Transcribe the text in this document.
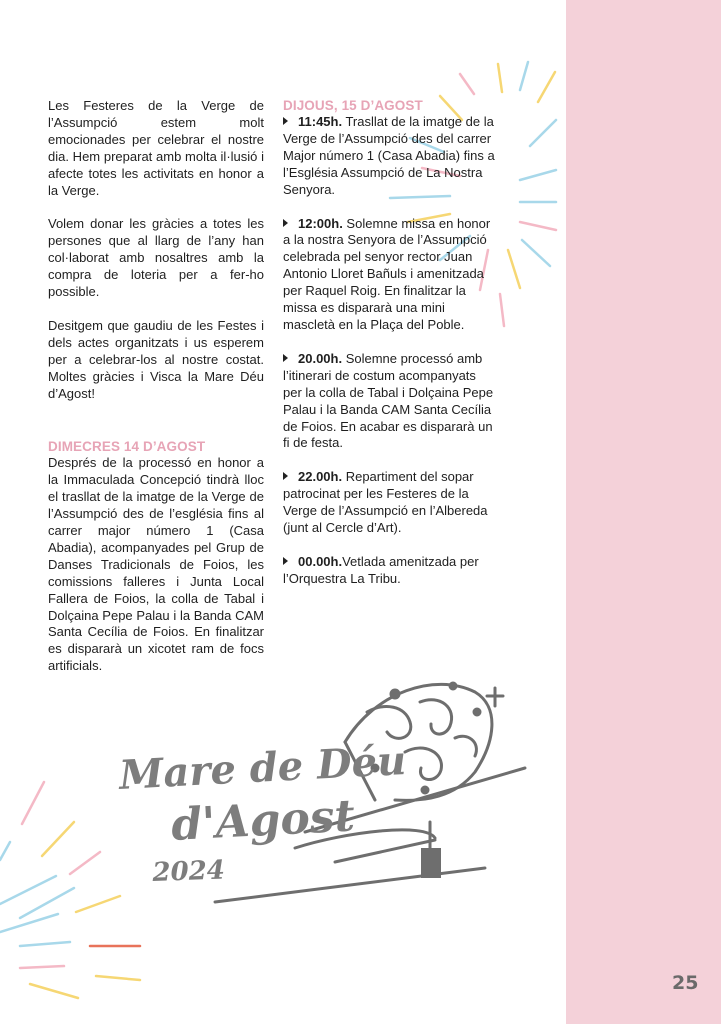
25

Les Festeres de la Verge de l’Assumpció estem molt emocionades per celebrar el nostre dia. Hem preparat amb molta il·lusió i afecte totes les activitats en honor a la Verge.

Volem donar les gràcies a totes les persones que al llarg de l’any han col·laborat amb nosaltres amb la compra de loteria per a fer-ho possible.

Desitgem que gaudiu de les Festes i dels actes organitzats i us esperem per a celebrar-los al nostre costat. Moltes gràcies i Visca la Mare Déu d’Agost!

DIMECRES 14 D’AGOST

Després de la processó en honor a la Immaculada Concepció tindrà lloc el trasllat de la imatge de la Verge de l’Assumpció des de l’església fins al carrer major número 1 (Casa Abadia), acompanyades pel Grup de Danses Tradicionals de Foios, les comissions falleres i Junta Local Fallera de Foios, la colla de Tabal i Dolçaina Pepe Palau i la Banda CAM Santa Cecília de Foios. En finalitzar es dispararà un xicotet ram de focs artificials.

DIJOUS, 15 D’AGOST
11:45h. Trasllat de la imatge de la Verge de l’Assumpció des del carrer Major número 1 (Casa Abadia) fins a l’Església Assumpció de La Nostra Senyora.
12:00h. Solemne missa en honor a la nostra Senyora de l’Assumpció celebrada pel senyor rector Juan Antonio Lloret Bañuls i amenitzada per Raquel Roig. En finalitzar la missa es dispararà una mini mascletà en la Plaça del Poble.
20.00h. Solemne processó amb l’itinerari de costum acompanyats per la colla de Tabal i Dolçaina Pepe Palau i la Banda CAM Santa Cecília de Foios. En acabar es dispararà un fi de festa.
22.00h. Repartiment del sopar patrocinat per les Festeres de la Verge de l’Assumpció en l’Albereda (junt al Cercle d’Art).
00.00h.Vetlada amenitzada per l’Orquestra La Tribu.
Mare de Déu
d'Agost
2024
